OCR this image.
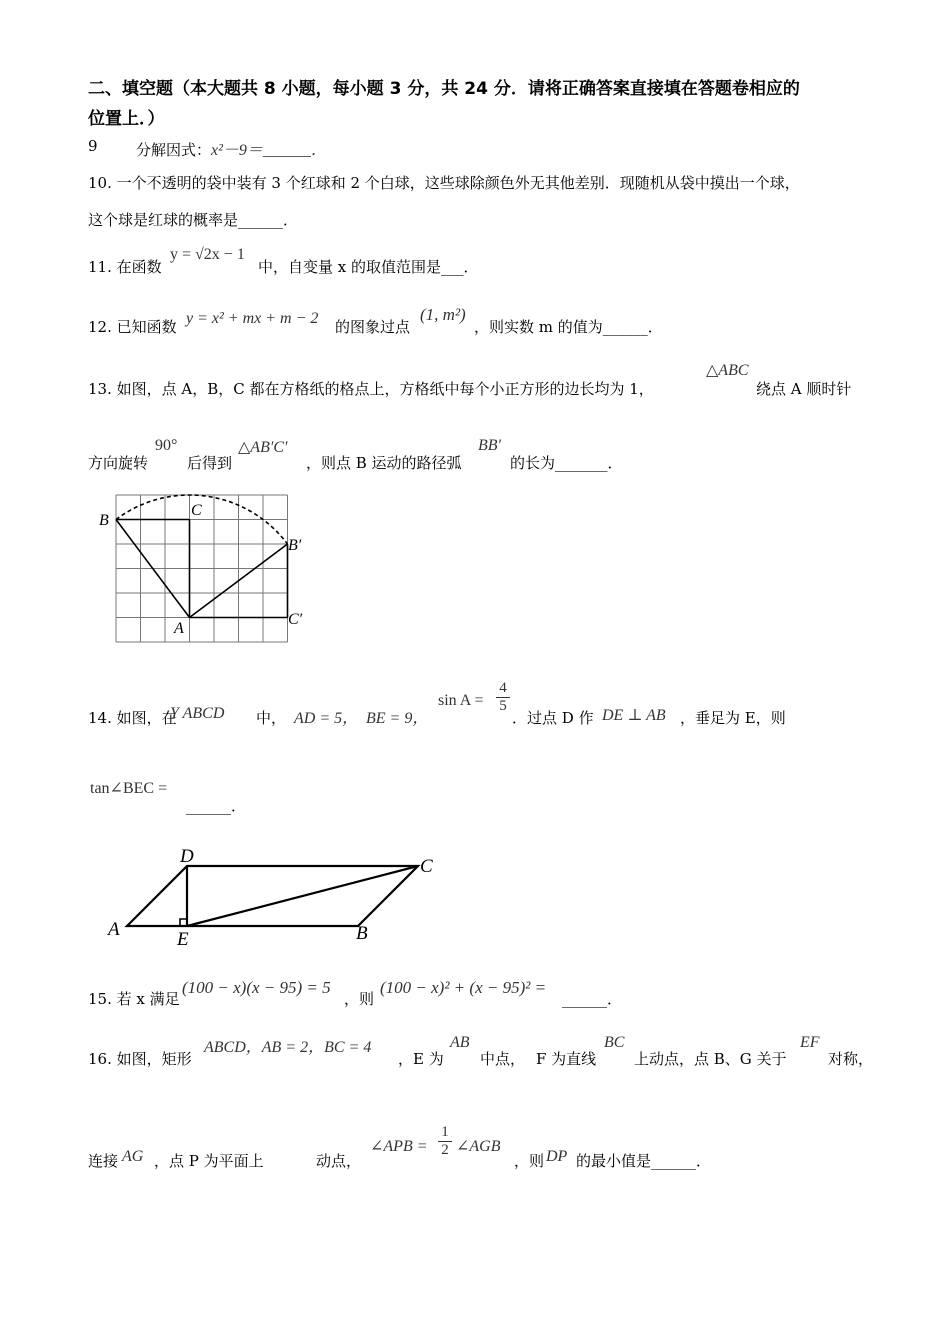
二、填空题（本大题共 8 小题，每小题 3 分，共 24 分．请将正确答案直接填在答题卷相应的
位置上．）
9	分解因式：x²－9＝______．
10. 一个不透明的袋中装有 3 个红球和 2 个白球，这些球除颜色外无其他差别．现随机从袋中摸出一个球，
这个球是红球的概率是______．
11. 在函数
y = √2x − 1
中，自变量 x 的取值范围是___．
12. 已知函数 y = x² + mx + m − 2 的图象过点
(1, m²)
，则实数 m 的值为______．
13. 如图，点 A，B，C 都在方格纸的格点上，方格纸中每个小正方形的边长均为 1，
△ABC
绕点 A 顺时针
方向旋转
90°
后得到
△AB′C′
，则点 B 运动的路径弧
BB′
的长为_______．
B
C
B′
A
C′
14. 如图，在
Y ABCD 中， AD = 5， BE = 9，
$\sin A = \frac{4}{5}$
．过点 D 作 DE ⊥ AB ，垂足为 E，则
tan∠BEC =
______．
D	C
A	E	B
15. 若 x 满足
(100 − x)(x − 95) = 5
，则
(100 − x)² + (x − 95)² =
______．
16. 如图，矩形
ABCD，AB = 2，BC = 4
，E 为
AB
中点， F 为直线
BC
上动点，点 B、G 关于
EF
对称，
连接 AG ，点 P 为平面上	动点，
∠APB = $\frac{1}{2}$ ∠AGB
，则 DP 的最小值是______．
